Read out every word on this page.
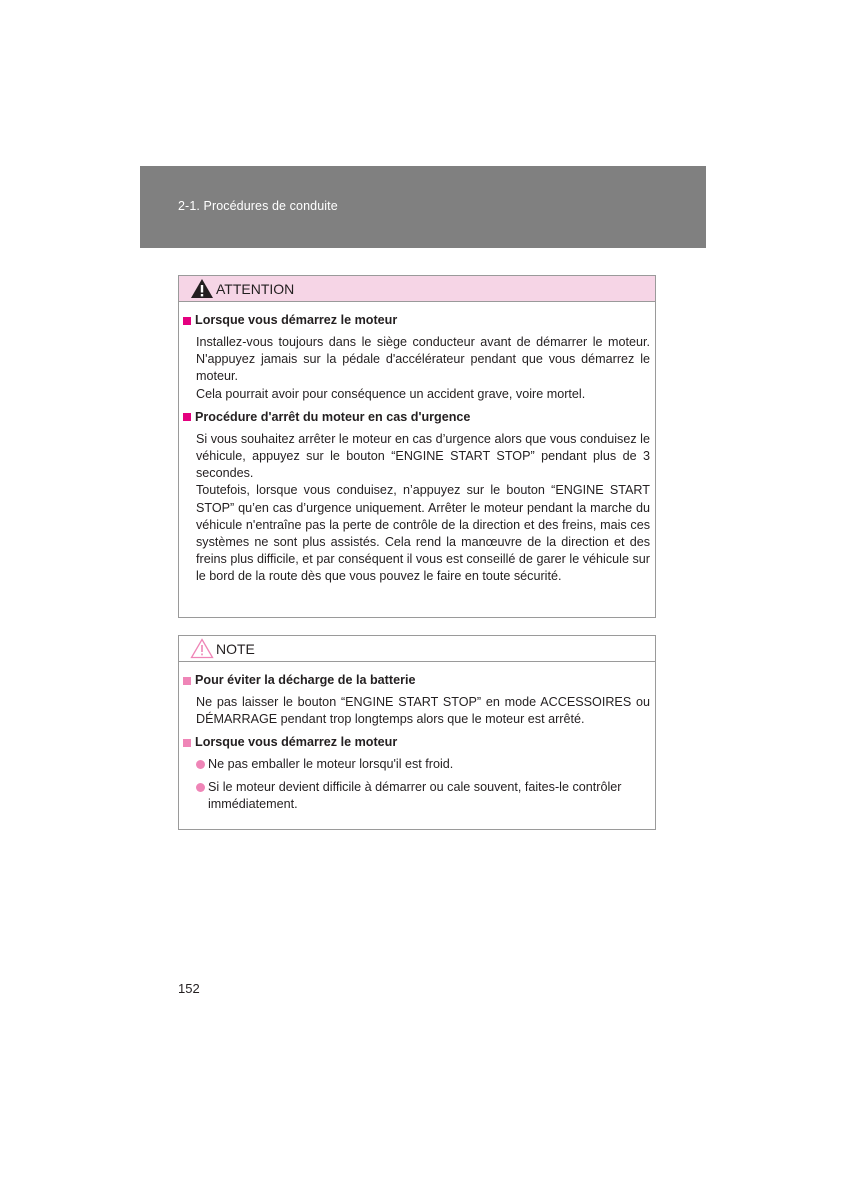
2-1. Procédures de conduite
ATTENTION
Lorsque vous démarrez le moteur

Installez-vous toujours dans le siège conducteur avant de démarrer le moteur. N'appuyez jamais sur la pédale d'accélérateur pendant que vous démarrez le moteur.

Cela pourrait avoir pour conséquence un accident grave, voire mortel.

Procédure d'arrêt du moteur en cas d'urgence

Si vous souhaitez arrêter le moteur en cas d’urgence alors que vous conduisez le véhicule, appuyez sur le bouton “ENGINE START STOP” pendant plus de 3 secondes.

Toutefois, lorsque vous conduisez, n’appuyez sur le bouton “ENGINE START STOP” qu’en cas d’urgence uniquement. Arrêter le moteur pendant la marche du véhicule n'entraîne pas la perte de contrôle de la direction et des freins, mais ces systèmes ne sont plus assistés. Cela rend la manœuvre de la direction et des freins plus difficile, et par conséquent il vous est conseillé de garer le véhicule sur le bord de la route dès que vous pouvez le faire en toute sécurité.

NOTE
Pour éviter la décharge de la batterie

Ne pas laisser le bouton “ENGINE START STOP” en mode ACCESSOIRES ou DÉMARRAGE pendant trop longtemps alors que le moteur est arrêté.

Lorsque vous démarrez le moteur
Ne pas emballer le moteur lorsqu'il est froid.
Si le moteur devient difficile à démarrer ou cale souvent, faites-le contrôler immédiatement.
152
